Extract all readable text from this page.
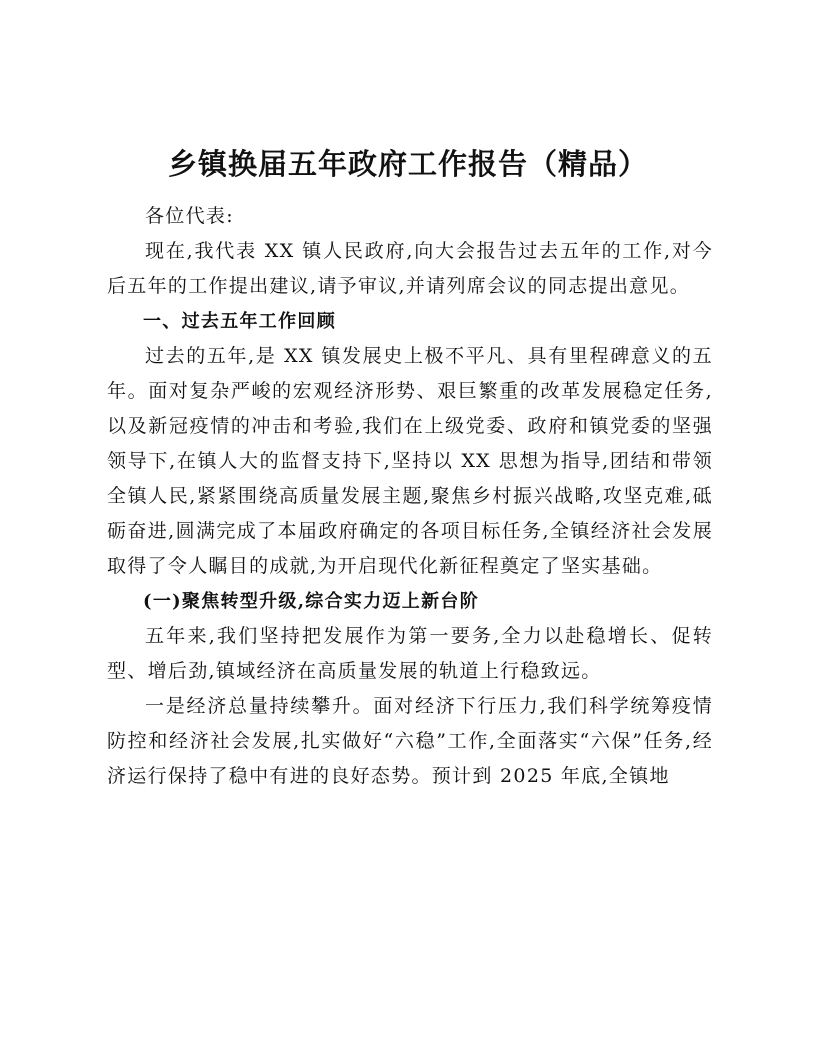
乡镇换届五年政府工作报告（精品）

各位代表:

现在,我代表 XX 镇人民政府,向大会报告过去五年的工作,对今后五年的工作提出建议,请予审议,并请列席会议的同志提出意见。

一、过去五年工作回顾

过去的五年,是 XX 镇发展史上极不平凡、具有里程碑意义的五年。面对复杂严峻的宏观经济形势、艰巨繁重的改革发展稳定任务,以及新冠疫情的冲击和考验,我们在上级党委、政府和镇党委的坚强领导下,在镇人大的监督支持下,坚持以 XX 思想为指导,团结和带领全镇人民,紧紧围绕高质量发展主题,聚焦乡村振兴战略,攻坚克难,砥砺奋进,圆满完成了本届政府确定的各项目标任务,全镇经济社会发展取得了令人瞩目的成就,为开启现代化新征程奠定了坚实基础。

(一)聚焦转型升级,综合实力迈上新台阶

五年来,我们坚持把发展作为第一要务,全力以赴稳增长、促转型、增后劲,镇域经济在高质量发展的轨道上行稳致远。

一是经济总量持续攀升。面对经济下行压力,我们科学统筹疫情防控和经济社会发展,扎实做好“六稳”工作,全面落实“六保”任务,经济运行保持了稳中有进的良好态势。预计到 2025 年底,全镇地
